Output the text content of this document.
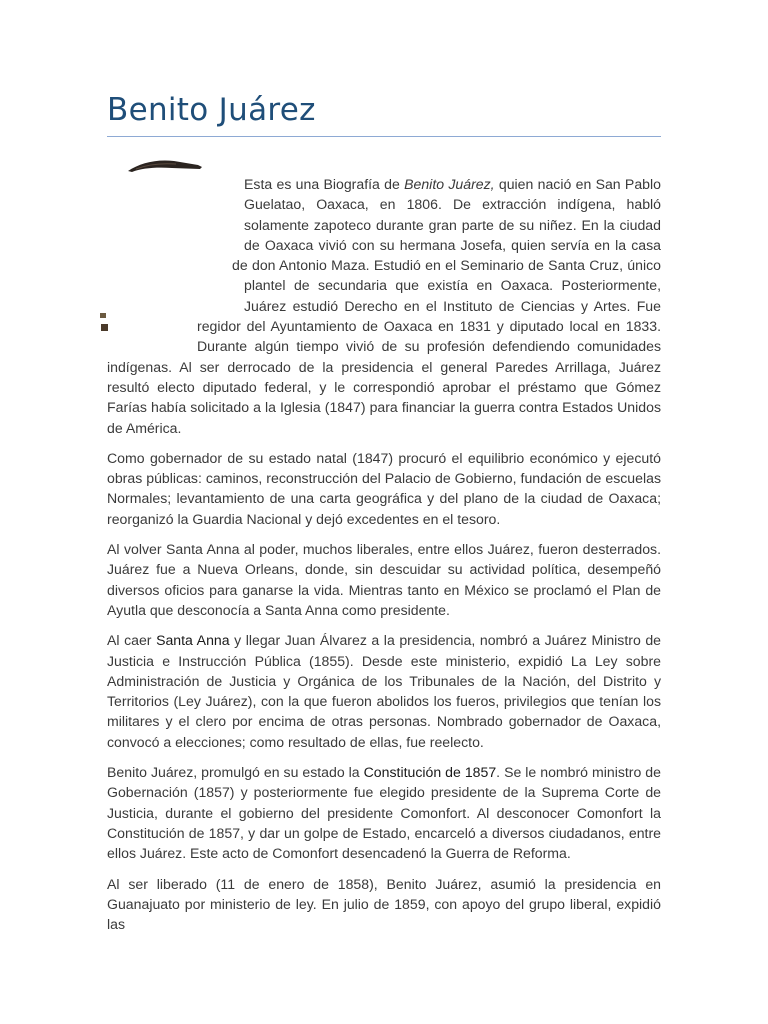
Benito Juárez

Esta es una Biografía de Benito Juárez, quien nació en San Pablo Guelatao, Oaxaca, en 1806. De extracción indígena, habló solamente zapoteco durante gran parte de su niñez. En la ciudad de Oaxaca vivió con su hermana Josefa, quien servía en la casa de don Antonio Maza. Estudió en el Seminario de Santa Cruz, único plantel de secundaria que existía en Oaxaca. Posteriormente, Juárez estudió Derecho en el Instituto de Ciencias y Artes. Fue regidor del Ayuntamiento de Oaxaca en 1831 y diputado local en 1833. Durante algún tiempo vivió de su profesión defendiendo comunidades indígenas. Al ser derrocado de la presidencia el general Paredes Arrillaga, Juárez resultó electo diputado federal, y le correspondió aprobar el préstamo que Gómez Farías había solicitado a la Iglesia (1847) para financiar la guerra contra Estados Unidos de América.

Como gobernador de su estado natal (1847) procuró el equilibrio económico y ejecutó obras públicas: caminos, reconstrucción del Palacio de Gobierno, fundación de escuelas Normales; levantamiento de una carta geográfica y del plano de la ciudad de Oaxaca; reorganizó la Guardia Nacional y dejó excedentes en el tesoro.

Al volver Santa Anna al poder, muchos liberales, entre ellos Juárez, fueron desterrados. Juárez fue a Nueva Orleans, donde, sin descuidar su actividad política, desempeñó diversos oficios para ganarse la vida. Mientras tanto en México se proclamó el Plan de Ayutla que desconocía a Santa Anna como presidente.

Al caer Santa Anna y llegar Juan Álvarez a la presidencia, nombró a Juárez Ministro de Justicia e Instrucción Pública (1855). Desde este ministerio, expidió La Ley sobre Administración de Justicia y Orgánica de los Tribunales de la Nación, del Distrito y Territorios (Ley Juárez), con la que fueron abolidos los fueros, privilegios que tenían los militares y el clero por encima de otras personas. Nombrado gobernador de Oaxaca, convocó a elecciones; como resultado de ellas, fue reelecto.

Benito Juárez, promulgó en su estado la Constitución de 1857. Se le nombró ministro de Gobernación (1857) y posteriormente fue elegido presidente de la Suprema Corte de Justicia, durante el gobierno del presidente Comonfort. Al desconocer Comonfort la Constitución de 1857, y dar un golpe de Estado, encarceló a diversos ciudadanos, entre ellos Juárez. Este acto de Comonfort desencadenó la Guerra de Reforma.

Al ser liberado (11 de enero de 1858), Benito Juárez, asumió la presidencia en Guanajuato por ministerio de ley. En julio de 1859, con apoyo del grupo liberal, expidió las
